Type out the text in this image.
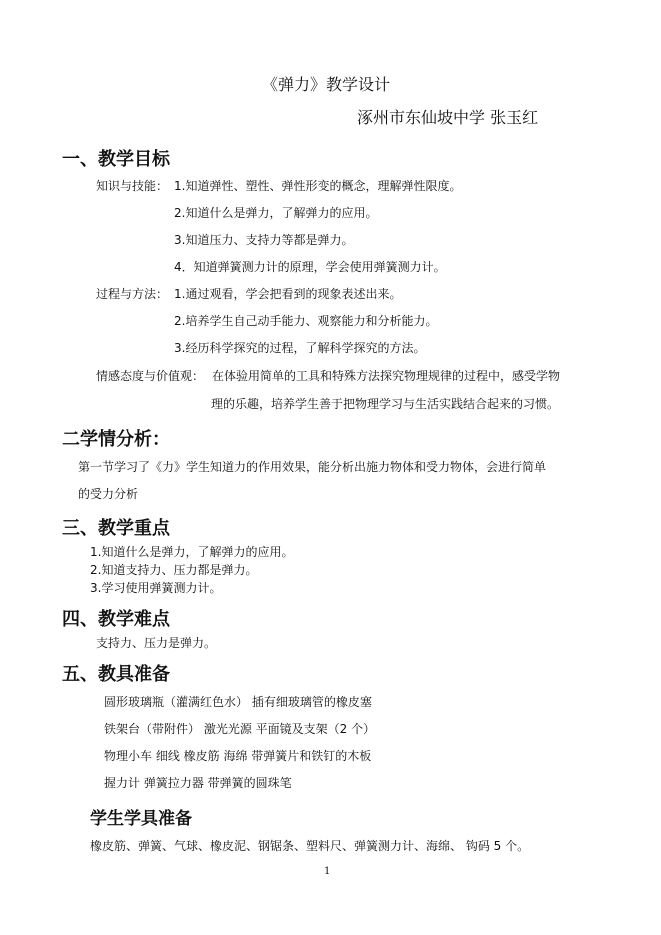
《弹力》教学设计
涿州市东仙坡中学 张玉红
一、教学目标
知识与技能： 1.知道弹性、塑性、弹性形变的概念，理解弹性限度。
2.知道什么是弹力，了解弹力的应用。
3.知道压力、支持力等都是弹力。
4．知道弹簧测力计的原理，学会使用弹簧测力计。
过程与方法： 1.通过观看，学会把看到的现象表述出来。
2.培养学生自己动手能力、观察能力和分析能力。
3.经历科学探究的过程，了解科学探究的方法。
情感态度与价值观： 在体验用简单的工具和特殊方法探究物理规律的过程中，感受学物
理的乐趣，培养学生善于把物理学习与生活实践结合起来的习惯。
二学情分析：
第一节学习了《力》学生知道力的作用效果，能分析出施力物体和受力物体，会进行简单
的受力分析
三、教学重点
1.知道什么是弹力，了解弹力的应用。
2.知道支持力、压力都是弹力。
3.学习使用弹簧测力计。
四、教学难点
支持力、压力是弹力。
五、教具准备
圆形玻璃瓶（灌满红色水） 插有细玻璃管的橡皮塞
铁架台（带附件） 激光光源 平面镜及支架（2 个）
物理小车 细线 橡皮筋 海绵 带弹簧片和铁钉的木板
握力计 弹簧拉力器 带弹簧的圆珠笔
学生学具准备
橡皮筋、弹簧、气球、橡皮泥、钢锯条、塑料尺、弹簧测力计、海绵、 钩码 5 个。
1
